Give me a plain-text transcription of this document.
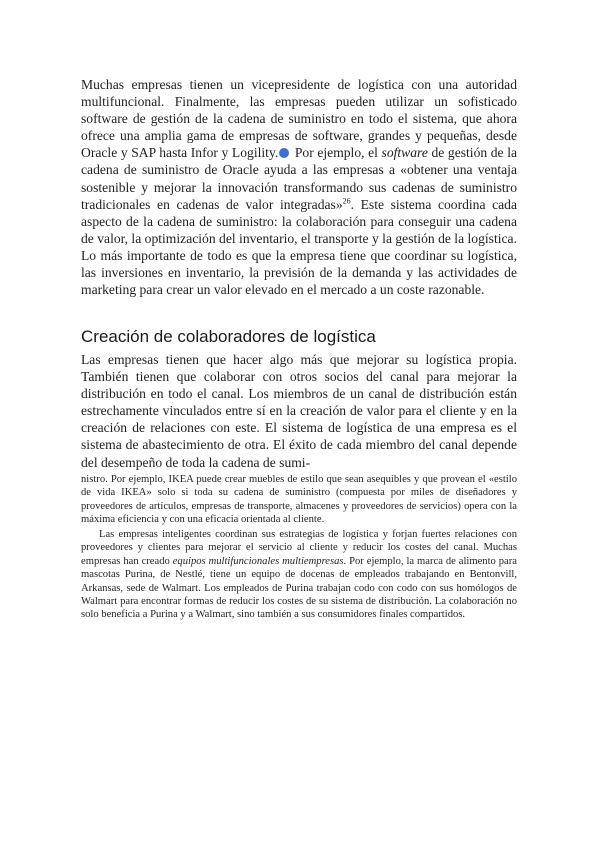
Muchas empresas tienen un vicepresidente de logística con una autoridad multifuncional. Finalmente, las empresas pueden utilizar un sofisticado software de gestión de la cadena de suministro en todo el sistema, que ahora ofrece una amplia gama de empresas de software, grandes y pequeñas, desde Oracle y SAP hasta Infor y Logility. Por ejemplo, el software de gestión de la cadena de suministro de Oracle ayuda a las empresas a «obtener una ventaja sostenible y mejorar la innovación transformando sus cadenas de suministro tradicionales en cadenas de valor integradas»$^{26}$. Este sistema coordina cada aspecto de la cadena de suministro: la colaboración para conseguir una cadena de valor, la optimización del inventario, el transporte y la gestión de la logística. Lo más importante de todo es que la empresa tiene que coordinar su logística, las inversiones en inventario, la previsión de la demanda y las actividades de marketing para crear un valor elevado en el mercado a un coste razonable.

Creación de colaboradores de logística

Las empresas tienen que hacer algo más que mejorar su logística propia. También tienen que colaborar con otros socios del canal para mejorar la distribución en todo el canal. Los miembros de un canal de distribución están estrechamente vinculados entre sí en la creación de valor para el cliente y en la creación de relaciones con este. El sistema de logística de una empresa es el sistema de abastecimiento de otra. El éxito de cada miembro del canal depende del desempeño de toda la cadena de sumi-

nistro. Por ejemplo, IKEA puede crear muebles de estilo que sean asequibles y que provean el «estilo de vida IKEA» solo si toda su cadena de suministro (compuesta por miles de diseñadores y proveedores de artículos, empresas de transporte, almacenes y proveedores de servicios) opera con la máxima eficiencia y con una eficacia orientada al cliente.

Las empresas inteligentes coordinan sus estrategias de logística y forjan fuertes relaciones con proveedores y clientes para mejorar el servicio al cliente y reducir los costes del canal. Muchas empresas han creado equipos multifuncionales multiempresas. Por ejemplo, la marca de alimento para mascotas Purina, de Nestlé, tiene un equipo de docenas de empleados trabajando en Bentonvill, Arkansas, sede de Walmart. Los empleados de Purina trabajan codo con codo con sus homólogos de Walmart para encontrar formas de reducir los costes de su sistema de distribución. La colaboración no solo beneficia a Purina y a Walmart, sino también a sus consumidores finales compartidos.
